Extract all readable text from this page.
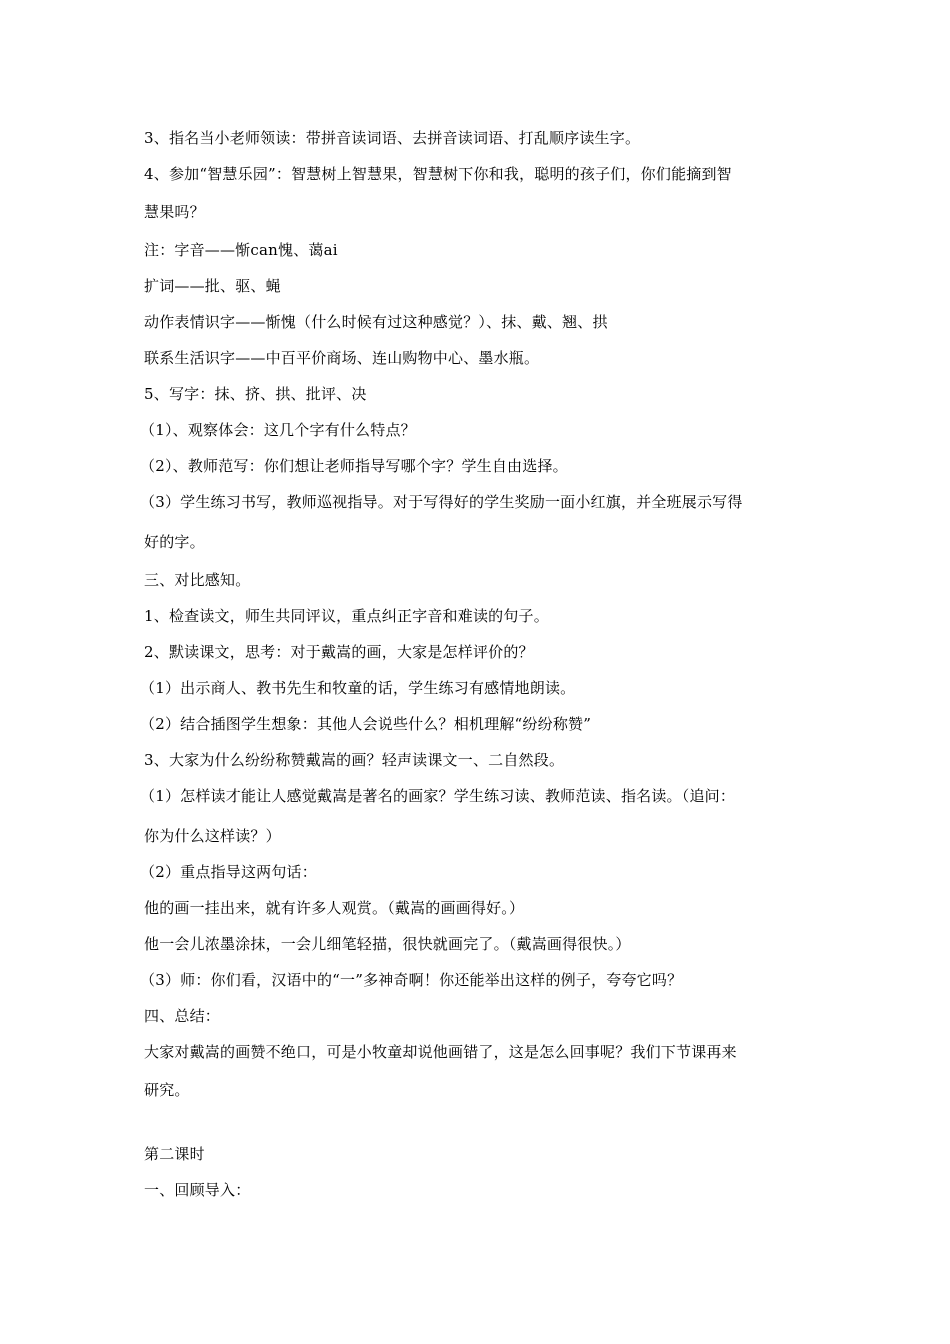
3、指名当小老师领读：带拼音读词语、去拼音读词语、打乱顺序读生字。
4、参加“智慧乐园”：智慧树上智慧果，智慧树下你和我，聪明的孩子们，你们能摘到智
慧果吗？
注：字音——惭can愧、蔼ai
扩词——批、驱、蝇
动作表情识字——惭愧（什么时候有过这种感觉？）、抹、戴、翘、拱
联系生活识字——中百平价商场、连山购物中心、墨水瓶。
5、写字：抹、挤、拱、批评、决
（1）、观察体会：这几个字有什么特点？
（2）、教师范写：你们想让老师指导写哪个字？学生自由选择。
（3）学生练习书写，教师巡视指导。对于写得好的学生奖励一面小红旗，并全班展示写得
好的字。
三、对比感知。
1、检查读文，师生共同评议，重点纠正字音和难读的句子。
2、默读课文，思考：对于戴嵩的画，大家是怎样评价的？
（1）出示商人、教书先生和牧童的话，学生练习有感情地朗读。
（2）结合插图学生想象：其他人会说些什么？相机理解“纷纷称赞”
3、大家为什么纷纷称赞戴嵩的画？轻声读课文一、二自然段。
（1）怎样读才能让人感觉戴嵩是著名的画家？学生练习读、教师范读、指名读。（追问：
你为什么这样读？）
（2）重点指导这两句话：
他的画一挂出来，就有许多人观赏。（戴嵩的画画得好。）
他一会儿浓墨涂抹，一会儿细笔轻描，很快就画完了。（戴嵩画得很快。）
（3）师：你们看，汉语中的“一”多神奇啊！你还能举出这样的例子，夸夸它吗？
四、总结：
大家对戴嵩的画赞不绝口，可是小牧童却说他画错了，这是怎么回事呢？我们下节课再来
研究。
第二课时
一、回顾导入：
